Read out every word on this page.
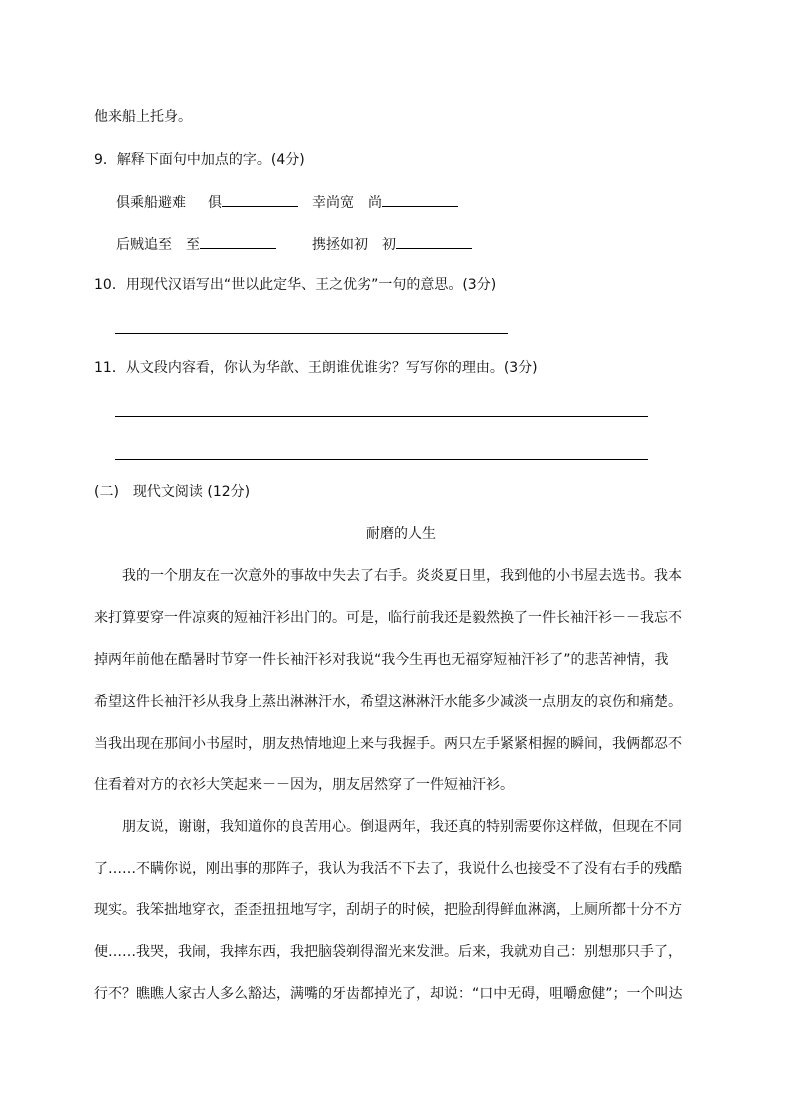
他来船上托身。
9．解释下面句中加点的字。(4分)
俱乘船避难 俱	幸尚宽 尚
后贼追至 至	携拯如初 初
10．用现代汉语写出“世以此定华、王之优劣”一句的意思。(3分)
11．从文段内容看，你认为华歆、王朗谁优谁劣？写写你的理由。(3分)
(二)　现代文阅读 (12分)
耐磨的人生
　　我的一个朋友在一次意外的事故中失去了右手。炎炎夏日里，我到他的小书屋去选书。我本
来打算要穿一件凉爽的短袖汗衫出门的。可是，临行前我还是毅然换了一件长袖汗衫－－我忘不
掉两年前他在酷暑时节穿一件长袖汗衫对我说“我今生再也无福穿短袖汗衫了”的悲苦神情，我
希望这件长袖汗衫从我身上蒸出淋淋汗水，希望这淋淋汗水能多少减淡一点朋友的哀伤和痛楚。
当我出现在那间小书屋时，朋友热情地迎上来与我握手。两只左手紧紧相握的瞬间，我俩都忍不
住看着对方的衣衫大笑起来－－因为，朋友居然穿了一件短袖汗衫。
　　朋友说，谢谢，我知道你的良苦用心。倒退两年，我还真的特别需要你这样做，但现在不同
了……不瞒你说，刚出事的那阵子，我认为我活不下去了，我说什么也接受不了没有右手的残酷
现实。我笨拙地穿衣，歪歪扭扭地写字，刮胡子的时候，把脸刮得鲜血淋漓，上厕所都十分不方
便……我哭，我闹，我摔东西，我把脑袋剃得溜光来发泄。后来，我就劝自己：别想那只手了，
行不？瞧瞧人家古人多么豁达，满嘴的牙齿都掉光了，却说：“口中无碍，咀嚼愈健”；一个叫达
